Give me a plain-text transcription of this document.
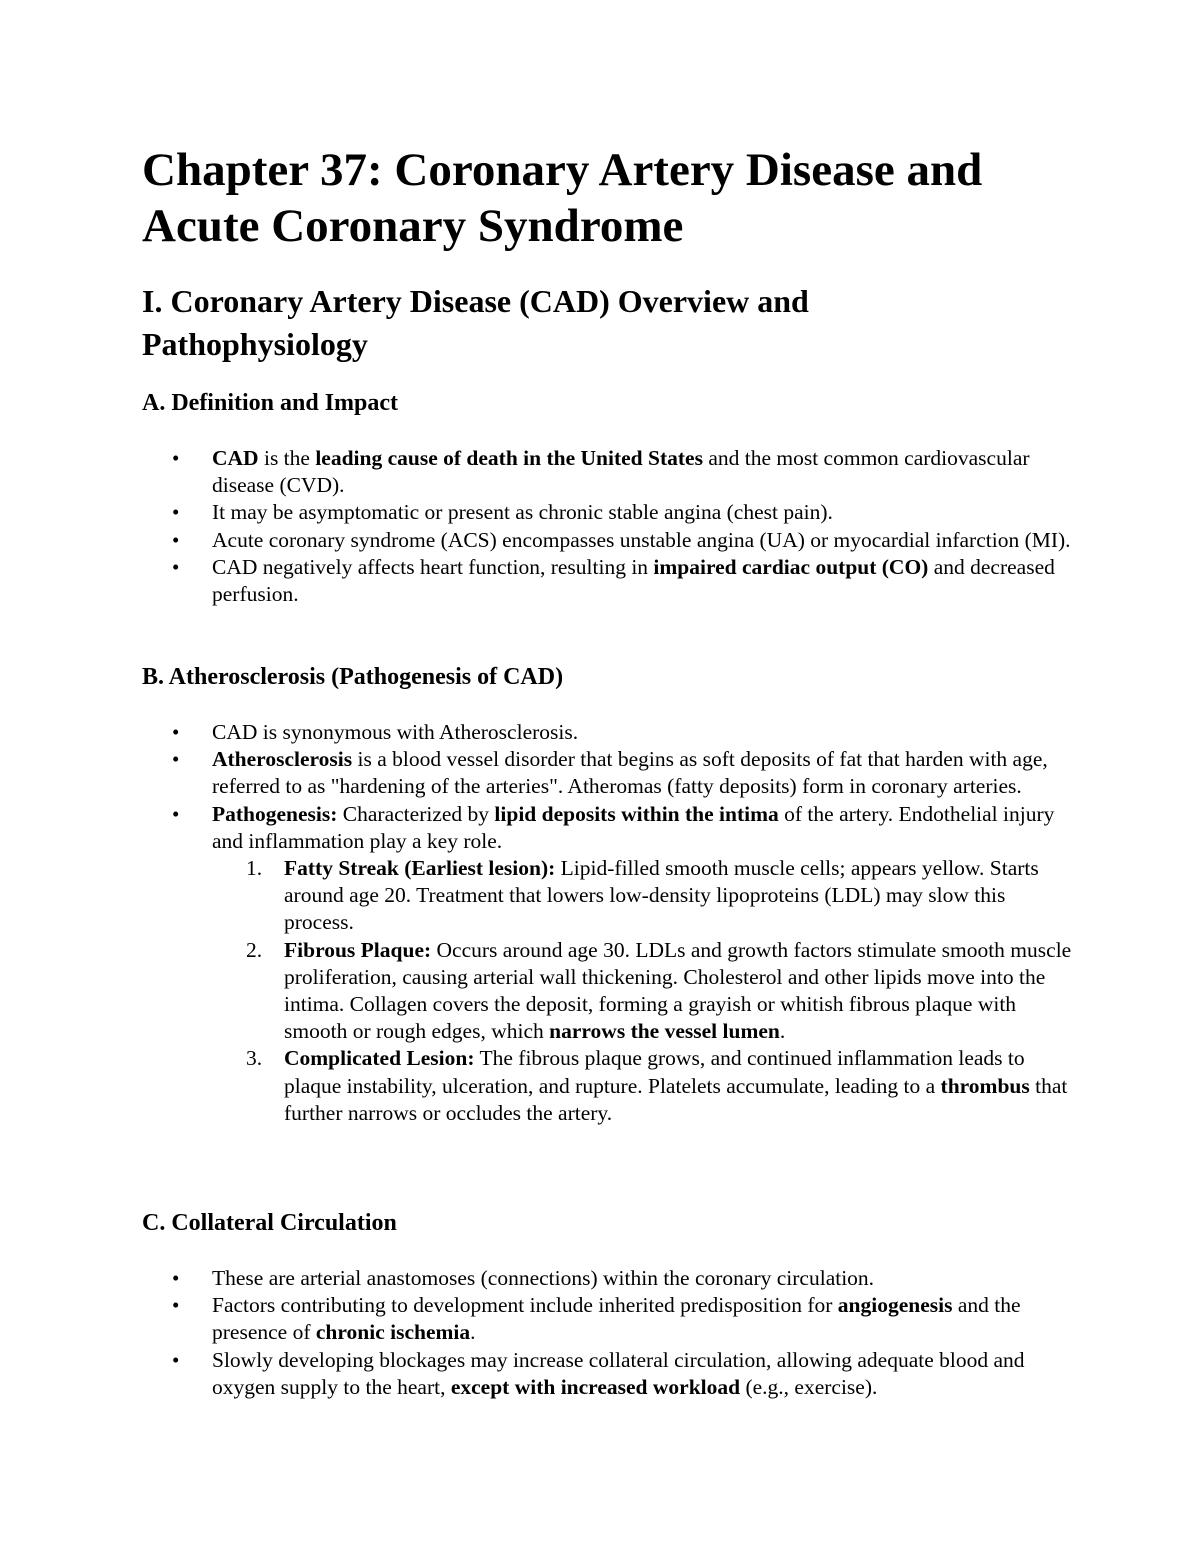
Chapter 37: Coronary Artery Disease and Acute Coronary Syndrome
I. Coronary Artery Disease (CAD) Overview and Pathophysiology
A. Definition and Impact
• CAD is the leading cause of death in the United States and the most common cardiovascular disease (CVD).
• It may be asymptomatic or present as chronic stable angina (chest pain).
• Acute coronary syndrome (ACS) encompasses unstable angina (UA) or myocardial infarction (MI).
• CAD negatively affects heart function, resulting in impaired cardiac output (CO) and decreased perfusion.
B. Atherosclerosis (Pathogenesis of CAD)
• CAD is synonymous with Atherosclerosis.
• Atherosclerosis is a blood vessel disorder that begins as soft deposits of fat that harden with age, referred to as "hardening of the arteries". Atheromas (fatty deposits) form in coronary arteries.
• Pathogenesis: Characterized by lipid deposits within the intima of the artery. Endothelial injury and inflammation play a key role.
1. Fatty Streak (Earliest lesion): Lipid-filled smooth muscle cells; appears yellow. Starts around age 20. Treatment that lowers low-density lipoproteins (LDL) may slow this process.
2. Fibrous Plaque: Occurs around age 30. LDLs and growth factors stimulate smooth muscle proliferation, causing arterial wall thickening. Cholesterol and other lipids move into the intima. Collagen covers the deposit, forming a grayish or whitish fibrous plaque with smooth or rough edges, which narrows the vessel lumen.
3. Complicated Lesion: The fibrous plaque grows, and continued inflammation leads to plaque instability, ulceration, and rupture. Platelets accumulate, leading to a thrombus that further narrows or occludes the artery.
C. Collateral Circulation
• These are arterial anastomoses (connections) within the coronary circulation.
• Factors contributing to development include inherited predisposition for angiogenesis and the presence of chronic ischemia.
• Slowly developing blockages may increase collateral circulation, allowing adequate blood and oxygen supply to the heart, except with increased workload (e.g., exercise).
